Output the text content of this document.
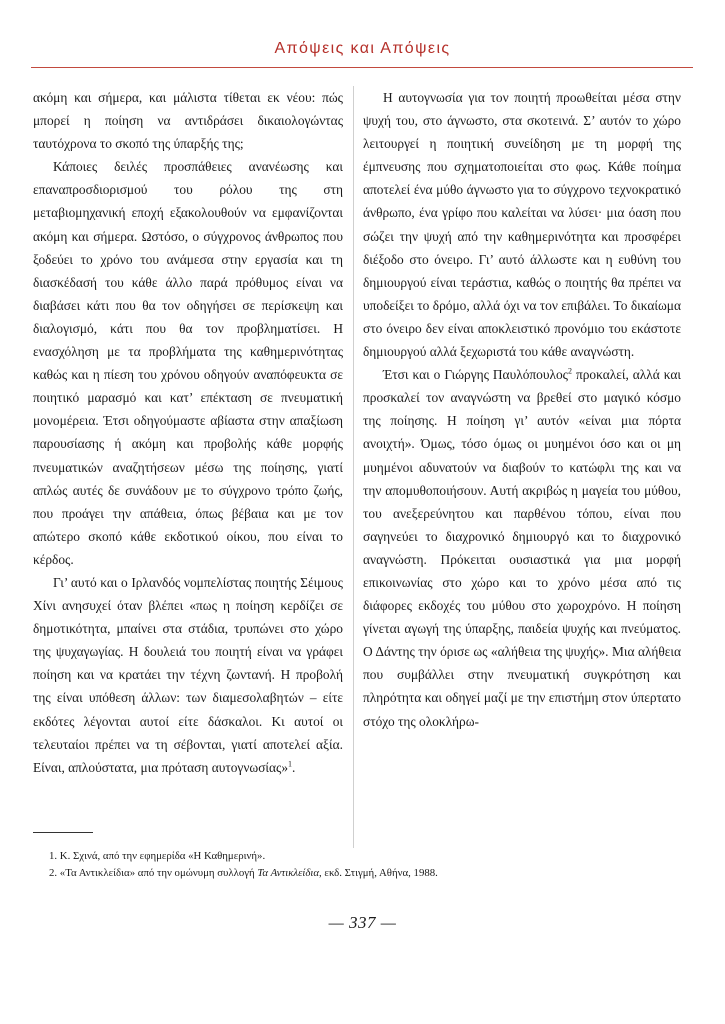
Απόψεις και Απόψεις

ακόμη και σήμερα, και μάλιστα τίθεται εκ νέου: πώς μπορεί η ποίηση να αντιδράσει δικαιολογώντας ταυτόχρονα το σκοπό της ύπαρξής της;

Κάποιες δειλές προσπάθειες ανανέωσης και επαναπροσδιορισμού του ρόλου της στη μεταβιομηχανική εποχή εξακολουθούν να εμφανίζονται ακόμη και σήμερα. Ωστόσο, ο σύγχρονος άνθρωπος που ξοδεύει το χρόνο του ανάμεσα στην εργασία και τη διασκέδασή του κάθε άλλο παρά πρόθυμος είναι να διαβάσει κάτι που θα τον οδηγήσει σε περίσκεψη και διαλογισμό, κάτι που θα τον προβληματίσει. Η ενασχόληση με τα προβλήματα της καθημερινότητας καθώς και η πίεση του χρόνου οδηγούν αναπόφευκτα σε ποιητικό μαρασμό και κατ’ επέκταση σε πνευματική μονομέρεια. Έτσι οδηγούμαστε αβίαστα στην απαξίωση παρουσίασης ή ακόμη και προβολής κάθε μορφής πνευματικών αναζητήσεων μέσω της ποίησης, γιατί απλώς αυτές δε συνάδουν με το σύγχρονο τρόπο ζωής, που προάγει την απάθεια, όπως βέβαια και με τον απώτερο σκοπό κάθε εκδοτικού οίκου, που είναι το κέρδος.

Γι’ αυτό και ο Ιρλανδός νομπελίστας ποιητής Σέιμους Χίνι ανησυχεί όταν βλέπει «πως η ποίηση κερδίζει σε δημοτικότητα, μπαίνει στα στάδια, τρυπώνει στο χώρο της ψυχαγωγίας. Η δουλειά του ποιητή είναι να γράφει ποίηση και να κρατάει την τέχνη ζωντανή. Η προβολή της είναι υπόθεση άλλων: των διαμεσολαβητών – είτε εκδότες λέγονται αυτοί είτε δάσκαλοι. Κι αυτοί οι τελευταίοι πρέπει να τη σέβονται, γιατί αποτελεί αξία. Είναι, απλούστατα, μια πρόταση αυτογνωσίας»$^1$.

Η αυτογνωσία για τον ποιητή προωθείται μέσα στην ψυχή του, στο άγνωστο, στα σκοτεινά. Σ’ αυτόν το χώρο λειτουργεί η ποιητική συνείδηση με τη μορφή της έμπνευσης που σχηματοποιείται στο φως. Κάθε ποίημα αποτελεί ένα μύθο άγνωστο για το σύγχρονο τεχνοκρατικό άνθρωπο, ένα γρίφο που καλείται να λύσει· μια όαση που σώζει την ψυχή από την καθημερινότητα και προσφέρει διέξοδο στο όνειρο. Γι’ αυτό άλλωστε και η ευθύνη του δημιουργού είναι τεράστια, καθώς ο ποιητής θα πρέπει να υποδείξει το δρόμο, αλλά όχι να τον επιβάλει. Το δικαίωμα στο όνειρο δεν είναι αποκλειστικό προνόμιο του εκάστοτε δημιουργού αλλά ξεχωριστά του κάθε αναγνώστη.

Έτσι και ο Γιώργης Παυλόπουλος$^2$ προκαλεί, αλλά και προσκαλεί τον αναγνώστη να βρεθεί στο μαγικό κόσμο της ποίησης. Η ποίηση γι’ αυτόν «είναι μια πόρτα ανοιχτή». Όμως, τόσο όμως οι μυημένοι όσο και οι μη μυημένοι αδυνατούν να διαβούν το κατώφλι της και να την απομυθοποιήσουν. Αυτή ακριβώς η μαγεία του μύθου, του ανεξερεύνητου και παρθένου τόπου, είναι που σαγηνεύει το διαχρονικό δημιουργό και το διαχρονικό αναγνώστη. Πρόκειται ουσιαστικά για μια μορφή επικοινωνίας στο χώρο και το χρόνο μέσα από τις διάφορες εκδοχές του μύθου στο χωροχρόνο. Η ποίηση γίνεται αγωγή της ύπαρξης, παιδεία ψυχής και πνεύματος. Ο Δάντης την όρισε ως «αλήθεια της ψυχής». Μια αλήθεια που συμβάλλει στην πνευματική συγκρότηση και πληρότητα και οδηγεί μαζί με την επιστήμη στον ύπερτατο στόχο της ολοκλήρω-

1. Κ. Σχινά, από την εφημερίδα «Η Καθημερινή».

2. «Τα Αντικλείδια» από την ομώνυμη συλλογή Τα Αντικλείδια, εκδ. Στιγμή, Αθήνα, 1988.

— 337 —
